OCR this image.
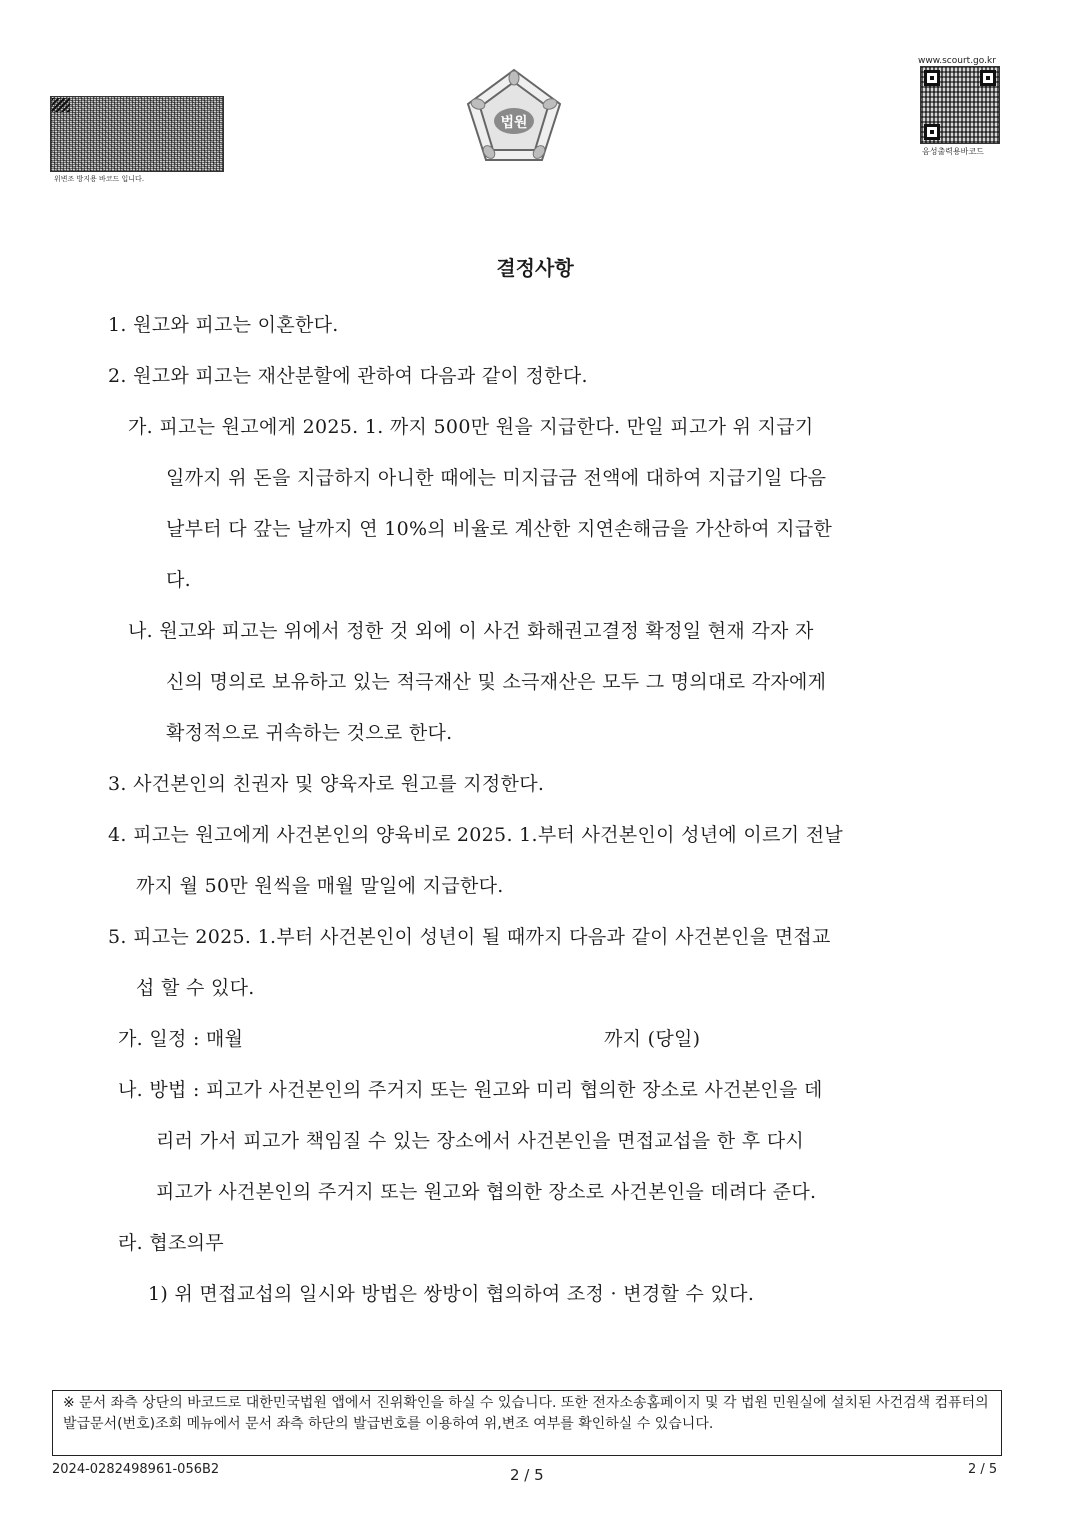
위변조 방지용 바코드 입니다.
법원
www.scourt.go.kr
음성출력용바코드
결정사항
1. 원고와 피고는 이혼한다.
2. 원고와 피고는 재산분할에 관하여 다음과 같이 정한다.
가. 피고는 원고에게 2025. 1. 까지 500만 원을 지급한다. 만일 피고가 위 지급기
일까지 위 돈을 지급하지 아니한 때에는 미지급금 전액에 대하여 지급기일 다음
날부터 다 갚는 날까지 연 10%의 비율로 계산한 지연손해금을 가산하여 지급한
다.
나. 원고와 피고는 위에서 정한 것 외에 이 사건 화해권고결정 확정일 현재 각자 자
신의 명의로 보유하고 있는 적극재산 및 소극재산은 모두 그 명의대로 각자에게
확정적으로 귀속하는 것으로 한다.
3. 사건본인의 친권자 및 양육자로 원고를 지정한다.
4. 피고는 원고에게 사건본인의 양육비로 2025. 1.부터 사건본인이 성년에 이르기 전날
까지 월 50만 원씩을 매월 말일에 지급한다.
5. 피고는 2025. 1.부터 사건본인이 성년이 될 때까지 다음과 같이 사건본인을 면접교
섭 할 수 있다.
가. 일정 : 매월	까지 (당일)
나. 방법 : 피고가 사건본인의 주거지 또는 원고와 미리 협의한 장소로 사건본인을 데
리러 가서 피고가 책임질 수 있는 장소에서 사건본인을 면접교섭을 한 후 다시
피고가 사건본인의 주거지 또는 원고와 협의한 장소로 사건본인을 데려다 준다.
라. 협조의무
1) 위 면접교섭의 일시와 방법은 쌍방이 협의하여 조정 · 변경할 수 있다.
※ 문서 좌측 상단의 바코드로 대한민국법원 앱에서 진위확인을 하실 수 있습니다. 또한 전자소송홈페이지 및 각 법원 민원실에 설치된 사건검색 컴퓨터의 발급문서(번호)조회 메뉴에서 문서 좌측 하단의 발급번호를 이용하여 위,변조 여부를 확인하실 수 있습니다.
2024-0282498961-056B2	2 / 5	2 / 5
